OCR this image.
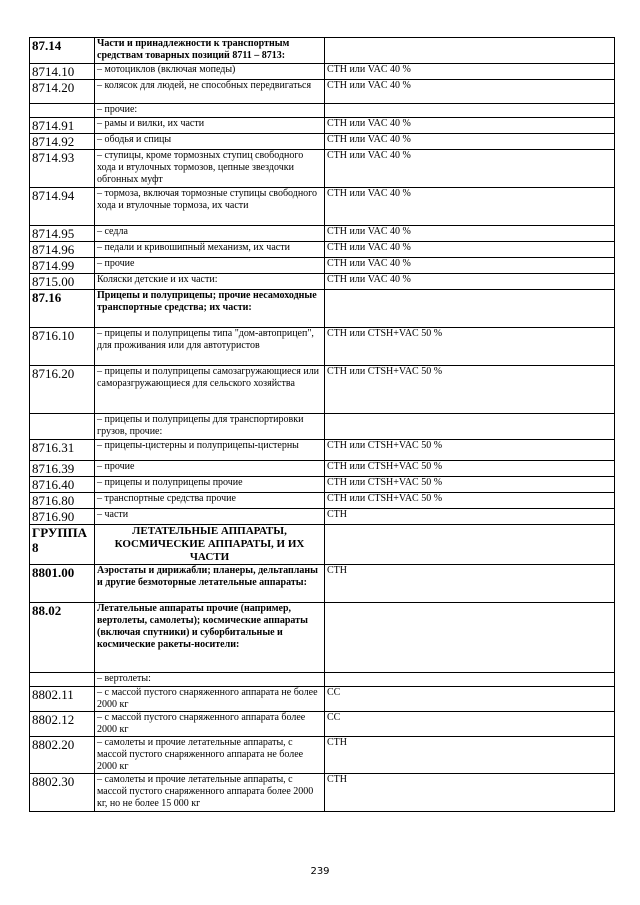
87.14	Части и принадлежности к транспортным средствам товарных позиций 8711 – 8713:	
8714.10	– мотоциклов (включая мопеды)	СТН или VAC 40 %
8714.20	– колясок для людей, не способных передвигаться	СТН или VAC 40 %
	– прочие:	
8714.91	– рамы и вилки, их части	СТН или VAC 40 %
8714.92	– ободья и спицы	СТН или VAC 40 %
8714.93	– ступицы, кроме тормозных ступиц свободного хода и втулочных тормозов, цепные звездочки обгонных муфт	СТН или VAC 40 %
8714.94	– тормоза, включая тормозные ступицы свободного хода и втулочные тормоза, их части	СТН или VAC 40 %
8714.95	– седла	СТН или VAC 40 %
8714.96	– педали и кривошипный механизм, их части	СТН или VAC 40 %
8714.99	– прочие	СТН или VAC 40 %
8715.00	Коляски детские и их части:	СТН или VAC 40 %
87.16	Прицепы и полуприцепы; прочие несамоходные транспортные средства; их части:	
8716.10	– прицепы и полуприцепы типа "дом-автоприцеп", для проживания или для автотуристов	СТН или CTSH+VAC 50 %
8716.20	– прицепы и полуприцепы самозагружающиеся или саморазгружающиеся для сельского хозяйства	СТН или CTSH+VAC 50 %
	– прицепы и полуприцепы для транспортировки грузов, прочие:	
8716.31	– прицепы-цистерны и полуприцепы-цистерны	СТН или CTSH+VAC 50 %
8716.39	– прочие	СТН или CTSH+VAC 50 %
8716.40	– прицепы и полуприцепы прочие	СТН или CTSH+VAC 50 %
8716.80	– транспортные средства прочие	СТН или CTSH+VAC 50 %
8716.90	– части	СТН
ГРУППА 8	ЛЕТАТЕЛЬНЫЕ АППАРАТЫ, КОСМИЧЕСКИЕ АППАРАТЫ, И ИХ ЧАСТИ	
8801.00	Аэростаты и дирижабли; планеры, дельтапланы и другие безмоторные летательные аппараты:	СТН
88.02	Летательные аппараты прочие (например, вертолеты, самолеты); космические аппараты (включая спутники) и суборбитальные и космические ракеты-носители:	
	– вертолеты:	
8802.11	– с массой пустого снаряженного аппарата не более 2000 кг	СС
8802.12	– с массой пустого снаряженного аппарата более 2000 кг	СС
8802.20	– самолеты и прочие летательные аппараты, с массой пустого снаряженного аппарата не более 2000 кг	СТН
8802.30	– самолеты и прочие летательные аппараты, с массой пустого снаряженного аппарата более 2000 кг, но не более 15 000 кг	СТН
239
